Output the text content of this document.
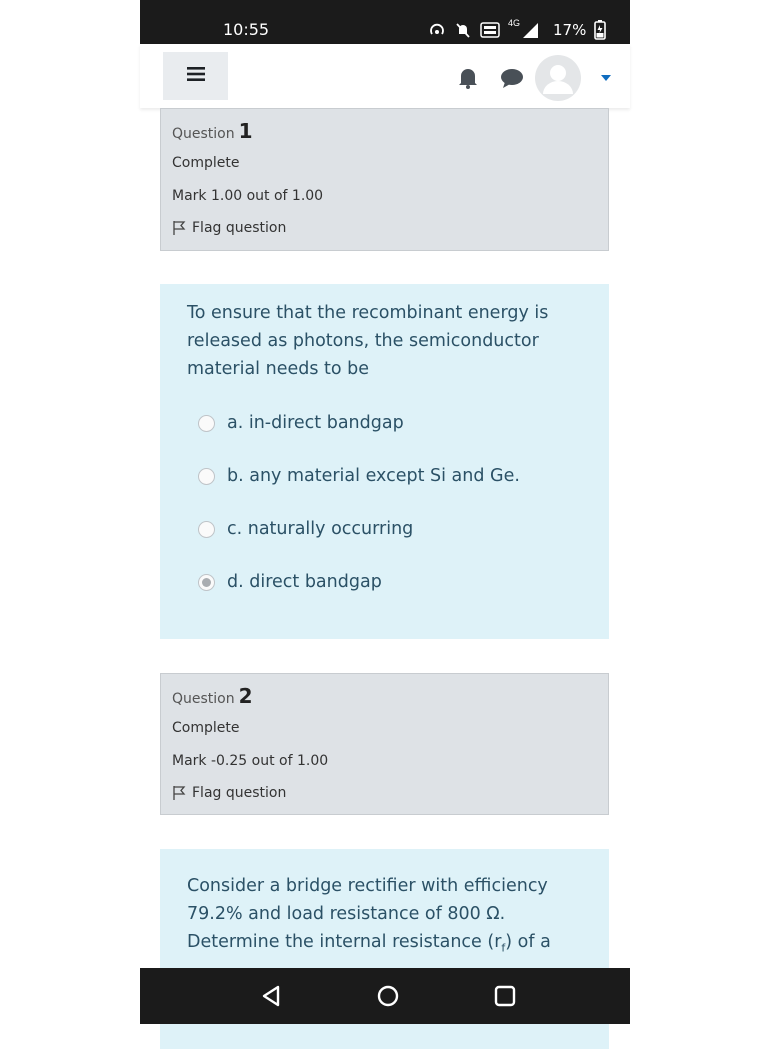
10:55	4G 17%
Question 1
Complete
Mark 1.00 out of 1.00
Flag question
To ensure that the recombinant energy is released as photons, the semiconductor material needs to be
a. in-direct bandgap
b. any material except Si and Ge.
c. naturally occurring
d. direct bandgap
Question 2
Complete
Mark -0.25 out of 1.00
Flag question
Consider a bridge rectifier with efficiency 79.2% and load resistance of 800 Ω. Determine the internal resistance $(r_f)$ of a
